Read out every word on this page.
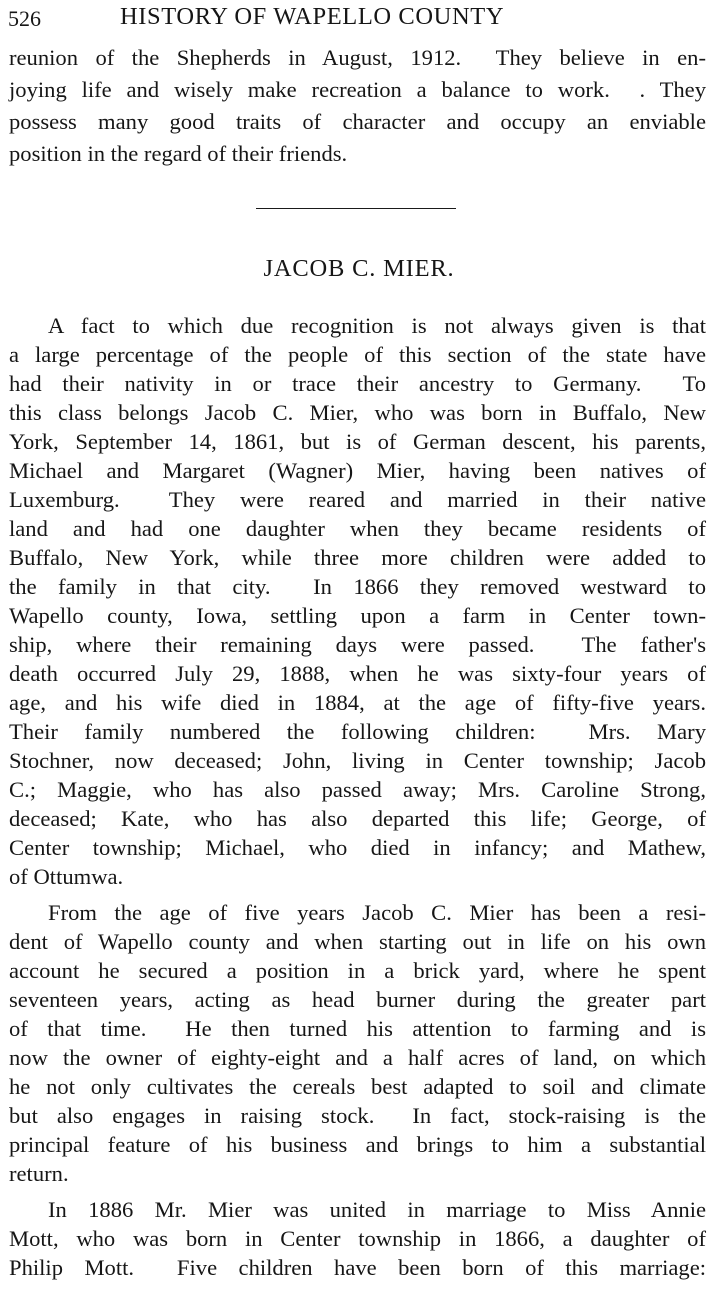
526	HISTORY OF WAPELLO COUNTY
reunion of the Shepherds in August, 1912.  They believe in en-
joying life and wisely make recreation a balance to work.  . They
possess many good traits of character and occupy an enviable
position in the regard of their friends.
JACOB C. MIER.
A fact to which due recognition is not always given is that
a large percentage of the people of this section of the state have
had their nativity in or trace their ancestry to Germany.  To
this class belongs Jacob C. Mier, who was born in Buffalo, New
York, September 14, 1861, but is of German descent, his parents,
Michael and Margaret (Wagner) Mier, having been natives of
Luxemburg.  They were reared and married in their native
land and had one daughter when they became residents of
Buffalo, New York, while three more children were added to
the family in that city.  In 1866 they removed westward to
Wapello county, Iowa, settling upon a farm in Center town-
ship, where their remaining days were passed.  The father's
death occurred July 29, 1888, when he was sixty-four years of
age, and his wife died in 1884, at the age of fifty-five years.
Their family numbered the following children:  Mrs. Mary
Stochner, now deceased; John, living in Center township; Jacob
C.; Maggie, who has also passed away; Mrs. Caroline Strong,
deceased; Kate, who has also departed this life; George, of
Center township; Michael, who died in infancy; and Mathew,
of Ottumwa.
From the age of five years Jacob C. Mier has been a resi-
dent of Wapello county and when starting out in life on his own
account he secured a position in a brick yard, where he spent
seventeen years, acting as head burner during the greater part
of that time.  He then turned his attention to farming and is
now the owner of eighty-eight and a half acres of land, on which
he not only cultivates the cereals best adapted to soil and climate
but also engages in raising stock.  In fact, stock-raising is the
principal feature of his business and brings to him a substantial
return.
In 1886 Mr. Mier was united in marriage to Miss Annie
Mott, who was born in Center township in 1866, a daughter of
Philip Mott.  Five children have been born of this marriage:
